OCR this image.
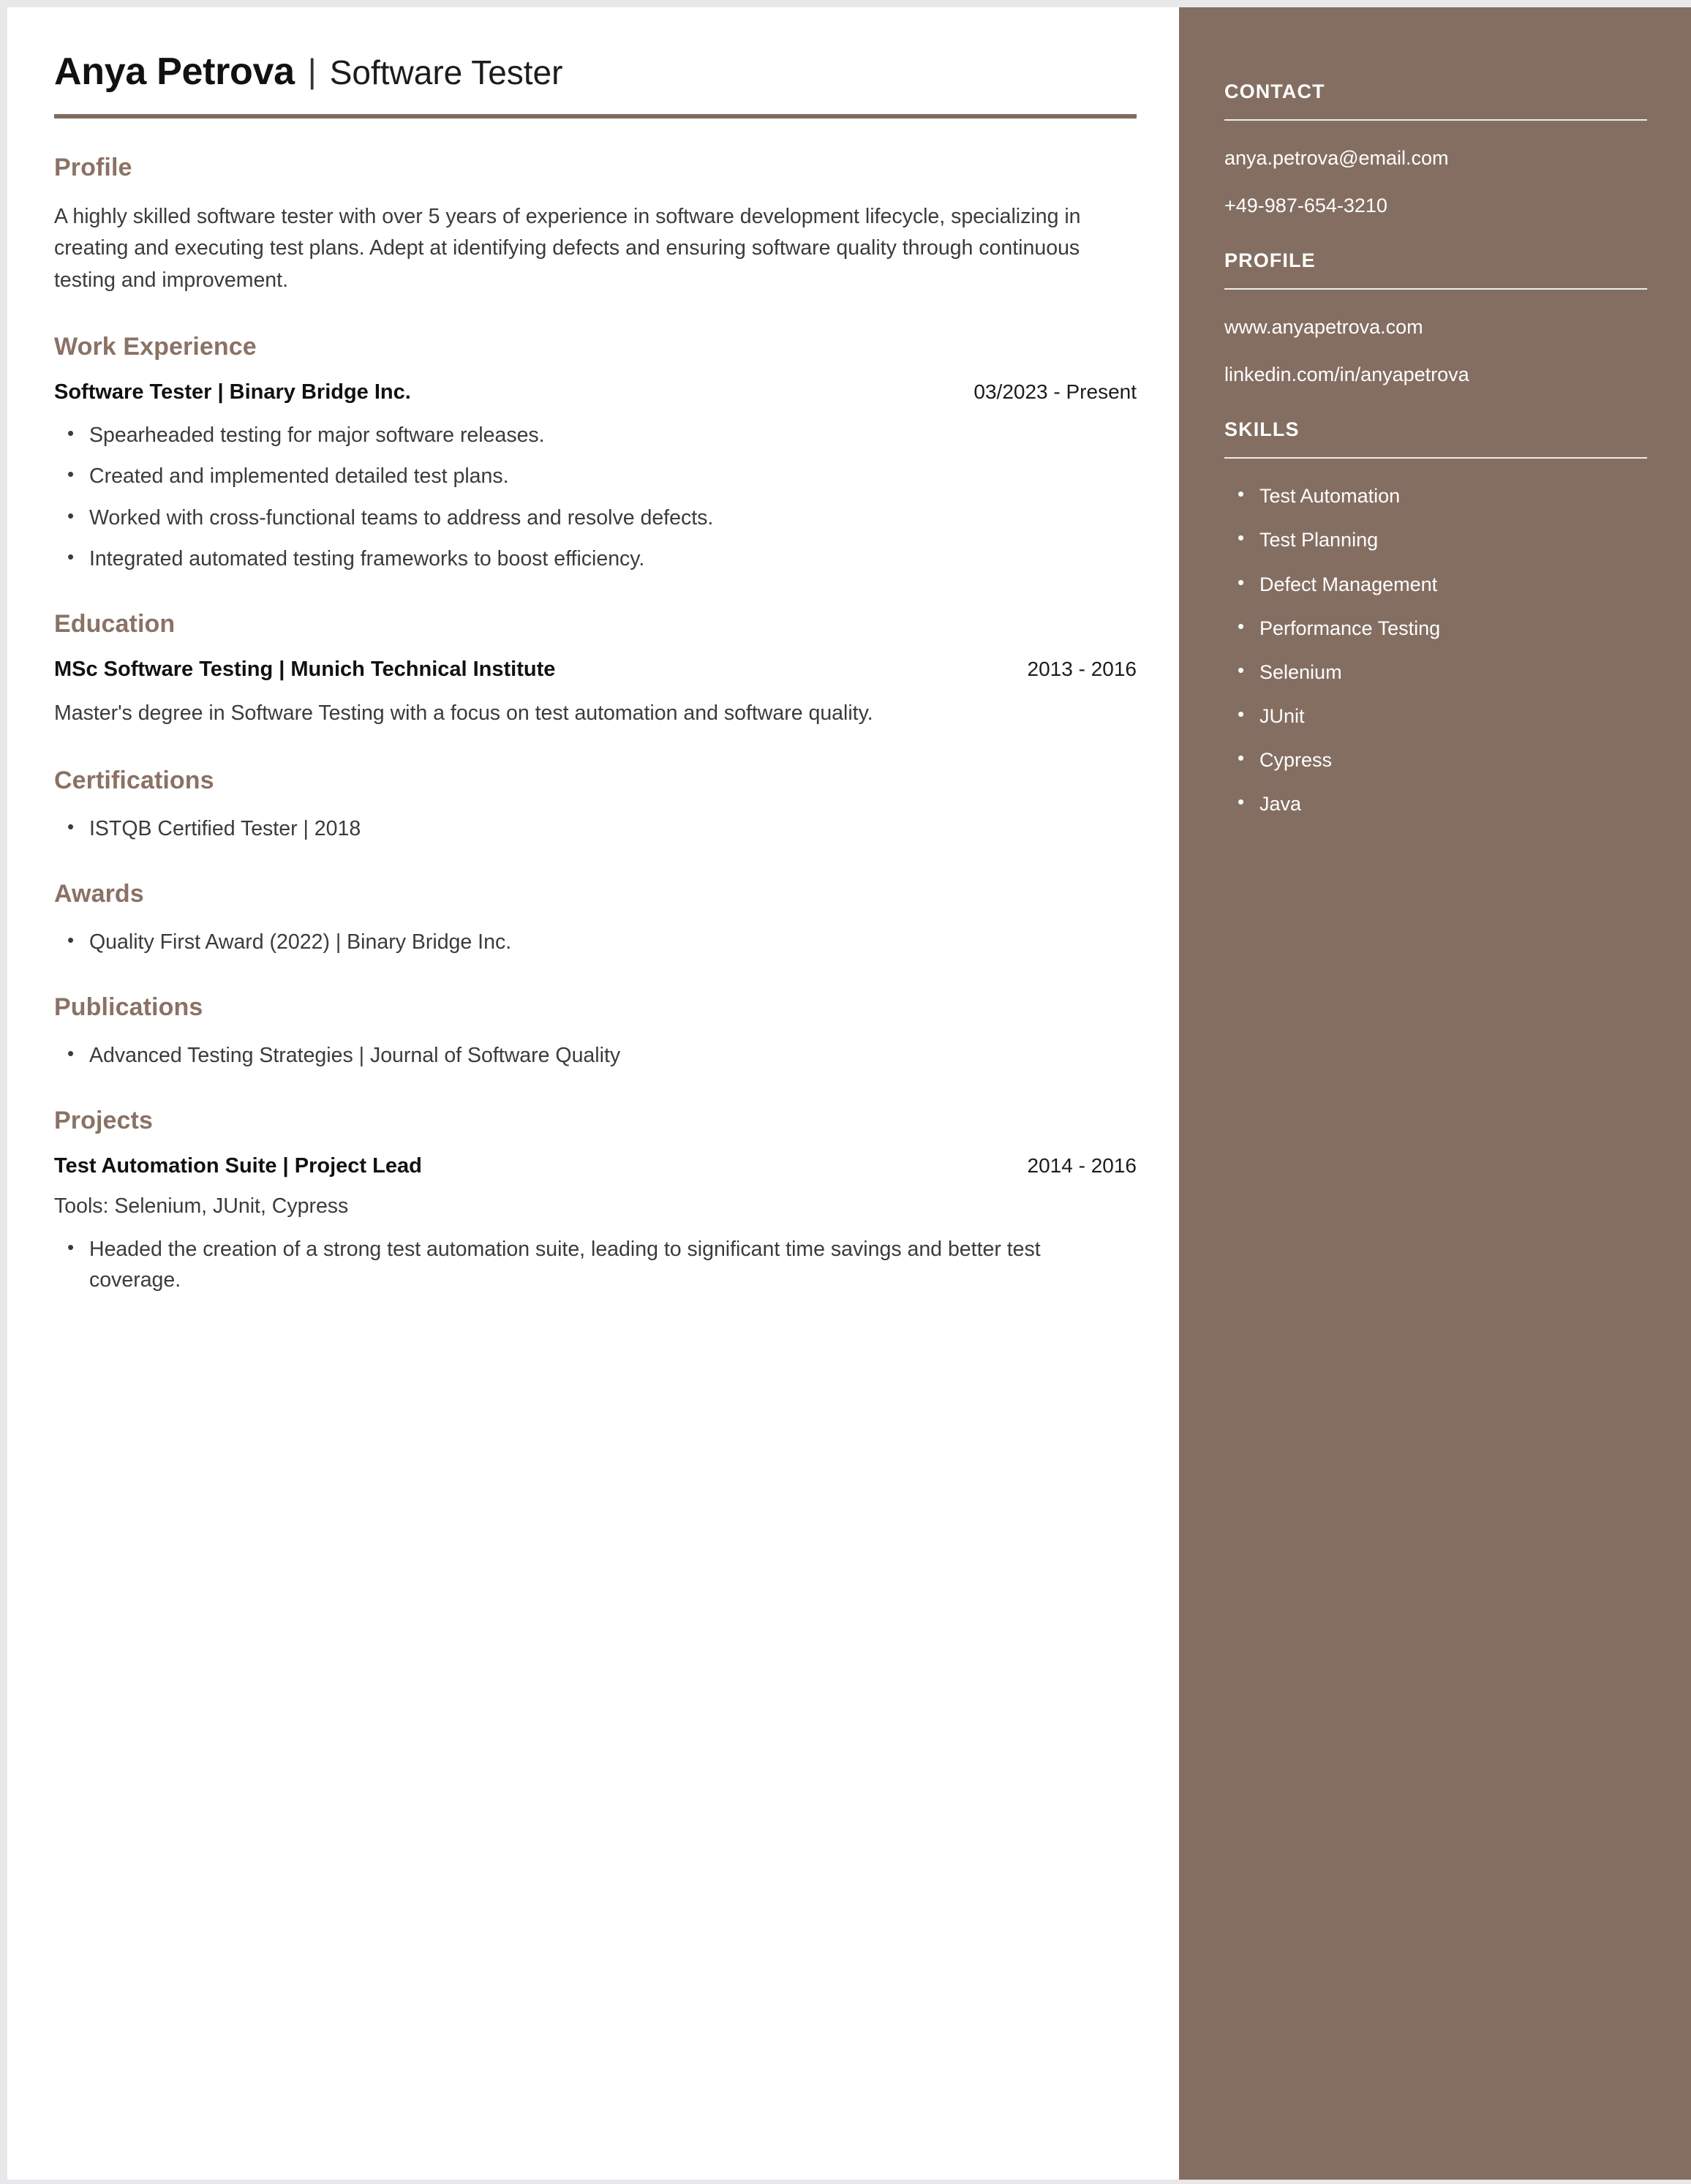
Anya Petrova | Software Tester
Profile

A highly skilled software tester with over 5 years of experience in software development lifecycle, specializing in creating and executing test plans. Adept at identifying defects and ensuring software quality through continuous testing and improvement.

Work Experience
Software Tester | Binary Bridge Inc.	03/2023 - Present
• Spearheaded testing for major software releases.
• Created and implemented detailed test plans.
• Worked with cross-functional teams to address and resolve defects.
• Integrated automated testing frameworks to boost efficiency.
Education
MSc Software Testing | Munich Technical Institute	2013 - 2016

Master's degree in Software Testing with a focus on test automation and software quality.

Certifications
• ISTQB Certified Tester | 2018
Awards
• Quality First Award (2022) | Binary Bridge Inc.
Publications
• Advanced Testing Strategies | Journal of Software Quality
Projects
Test Automation Suite | Project Lead	2014 - 2016
Tools: Selenium, JUnit, Cypress
• Headed the creation of a strong test automation suite, leading to significant time savings and better test coverage.
CONTACT
anya.petrova@email.com
+49-987-654-3210
PROFILE
www.anyapetrova.com
linkedin.com/in/anyapetrova
SKILLS
• Test Automation
• Test Planning
• Defect Management
• Performance Testing
• Selenium
• JUnit
• Cypress
• Java
